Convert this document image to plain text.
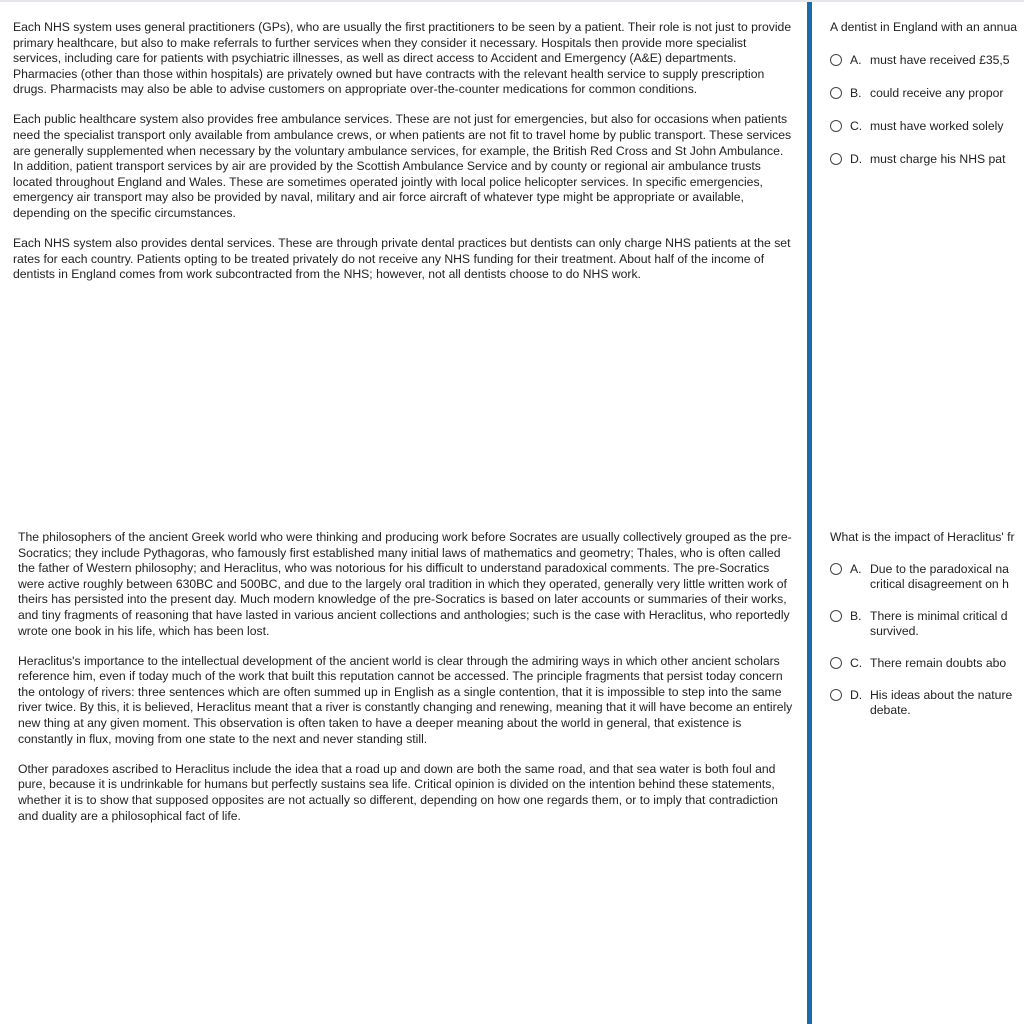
Each NHS system uses general practitioners (GPs), who are usually the first practitioners to be seen by a patient. Their role is not just to provide primary healthcare, but also to make referrals to further services when they consider it necessary. Hospitals then provide more specialist services, including care for patients with psychiatric illnesses, as well as direct access to Accident and Emergency (A&E) departments. Pharmacies (other than those within hospitals) are privately owned but have contracts with the relevant health service to supply prescription drugs. Pharmacists may also be able to advise customers on appropriate over-the-counter medications for common conditions.

Each public healthcare system also provides free ambulance services. These are not just for emergencies, but also for occasions when patients need the specialist transport only available from ambulance crews, or when patients are not fit to travel home by public transport. These services are generally supplemented when necessary by the voluntary ambulance services, for example, the British Red Cross and St John Ambulance. In addition, patient transport services by air are provided by the Scottish Ambulance Service and by county or regional air ambulance trusts located throughout England and Wales. These are sometimes operated jointly with local police helicopter services. In specific emergencies, emergency air transport may also be provided by naval, military and air force aircraft of whatever type might be appropriate or available, depending on the specific circumstances.

Each NHS system also provides dental services. These are through private dental practices but dentists can only charge NHS patients at the set rates for each country. Patients opting to be treated privately do not receive any NHS funding for their treatment. About half of the income of dentists in England comes from work subcontracted from the NHS; however, not all dentists choose to do NHS work.

A dentist in England with an annua
A. must have received £35,5
B. could receive any propor
C. must have worked solely
D. must charge his NHS pat

The philosophers of the ancient Greek world who were thinking and producing work before Socrates are usually collectively grouped as the pre-Socratics; they include Pythagoras, who famously first established many initial laws of mathematics and geometry; Thales, who is often called the father of Western philosophy; and Heraclitus, who was notorious for his difficult to understand paradoxical comments. The pre-Socratics were active roughly between 630BC and 500BC, and due to the largely oral tradition in which they operated, generally very little written work of theirs has persisted into the present day. Much modern knowledge of the pre-Socratics is based on later accounts or summaries of their works, and tiny fragments of reasoning that have lasted in various ancient collections and anthologies; such is the case with Heraclitus, who reportedly wrote one book in his life, which has been lost.

Heraclitus's importance to the intellectual development of the ancient world is clear through the admiring ways in which other ancient scholars reference him, even if today much of the work that built this reputation cannot be accessed. The principle fragments that persist today concern the ontology of rivers: three sentences which are often summed up in English as a single contention, that it is impossible to step into the same river twice. By this, it is believed, Heraclitus meant that a river is constantly changing and renewing, meaning that it will have become an entirely new thing at any given moment. This observation is often taken to have a deeper meaning about the world in general, that existence is constantly in flux, moving from one state to the next and never standing still.

Other paradoxes ascribed to Heraclitus include the idea that a road up and down are both the same road, and that sea water is both foul and pure, because it is undrinkable for humans but perfectly sustains sea life. Critical opinion is divided on the intention behind these statements, whether it is to show that supposed opposites are not actually so different, depending on how one regards them, or to imply that contradiction and duality are a philosophical fact of life.

What is the impact of Heraclitus' fr
A. Due to the paradoxical na critical disagreement on h
B. There is minimal critical d survived.
C. There remain doubts abo
D. His ideas about the nature debate.
